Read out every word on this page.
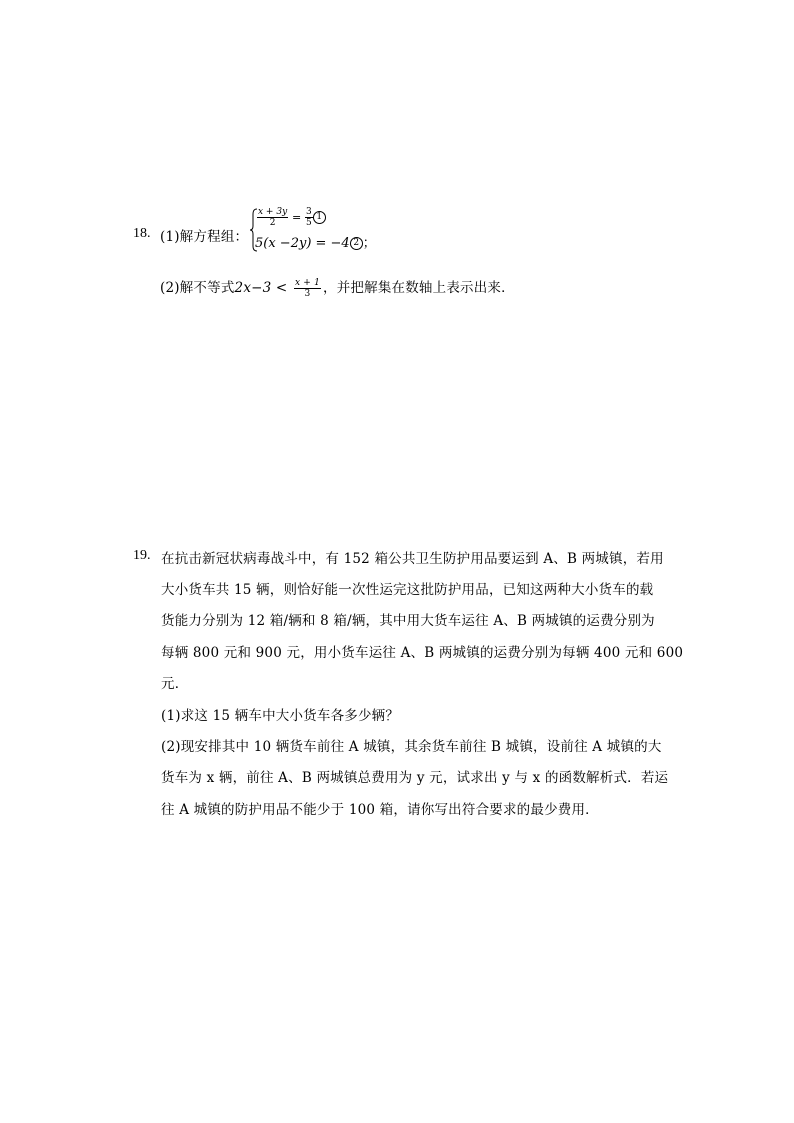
18. (1)解方程组：
$\frac{x + 3y}{2} = \frac{3}{5} 1$
5(x −2y) = −4 2 ；
(2)解不等式$2x-3 < \frac{x + 1}{3}$ ，并把解集在数轴上表示出来．
19. 在抗击新冠状病毒战斗中，有 152 箱公共卫生防护用品要运到 A、B 两城镇，若用
大小货车共 15 辆，则恰好能一次性运完这批防护用品，已知这两种大小货车的载
货能力分别为 12 箱/辆和 8 箱/辆，其中用大货车运往 A、B 两城镇的运费分别为
每辆 800 元和 900 元，用小货车运往 A、B 两城镇的运费分别为每辆 400 元和 600
元．
(1)求这 15 辆车中大小货车各多少辆？
(2)现安排其中 10 辆货车前往 A 城镇，其余货车前往 B 城镇，设前往 A 城镇的大
货车为 x 辆，前往 A、B 两城镇总费用为 y 元，试求出 y 与 x 的函数解析式．若运
往 A 城镇的防护用品不能少于 100 箱，请你写出符合要求的最少费用．
